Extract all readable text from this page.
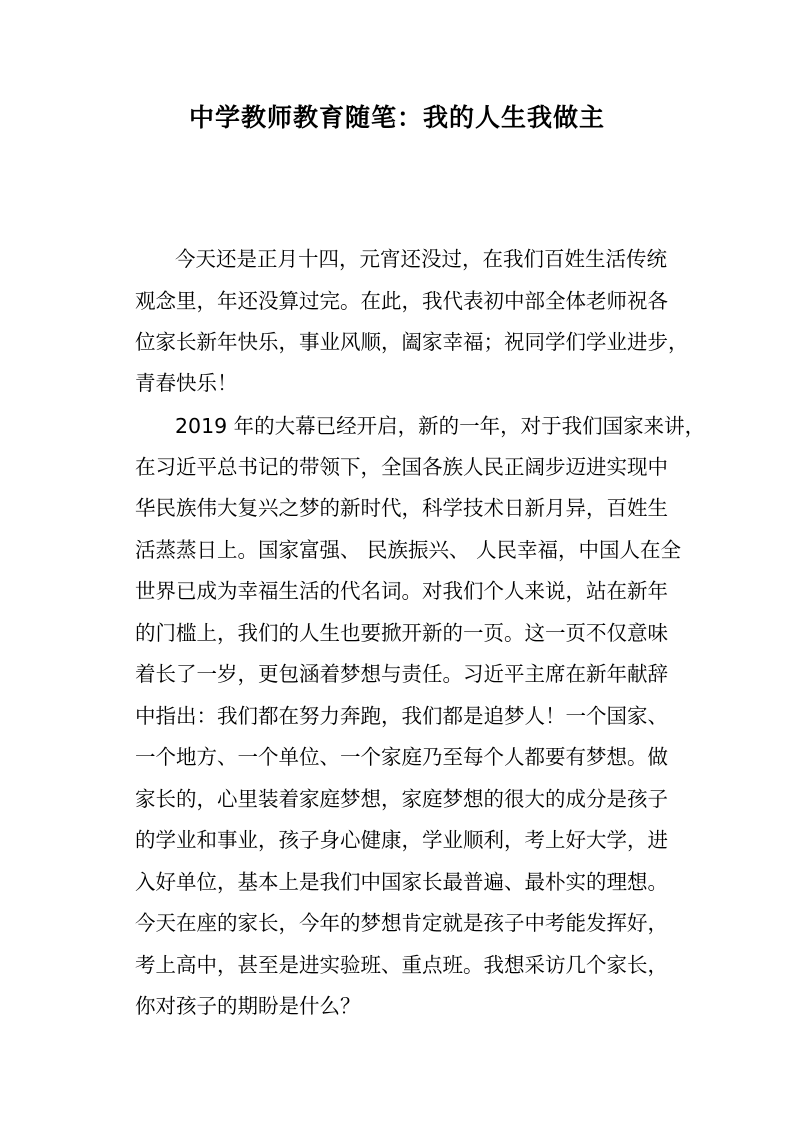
中学教师教育随笔：我的人生我做主
今天还是正月十四，元宵还没过，在我们百姓生活传统
观念里，年还没算过完。在此，我代表初中部全体老师祝各
位家长新年快乐，事业风顺，阖家幸福；祝同学们学业进步，
青春快乐！
2019 年的大幕已经开启，新的一年，对于我们国家来讲，
在习近平总书记的带领下，全国各族人民正阔步迈进实现中
华民族伟大复兴之梦的新时代，科学技术日新月异，百姓生
活蒸蒸日上。国家富强、 民族振兴、 人民幸福，中国人在全
世界已成为幸福生活的代名词。对我们个人来说，站在新年
的门槛上，我们的人生也要掀开新的一页。这一页不仅意味
着长了一岁，更包涵着梦想与责任。习近平主席在新年献辞
中指出：我们都在努力奔跑，我们都是追梦人！一个国家、
一个地方、一个单位、一个家庭乃至每个人都要有梦想。做
家长的，心里装着家庭梦想，家庭梦想的很大的成分是孩子
的学业和事业，孩子身心健康，学业顺利，考上好大学，进
入好单位，基本上是我们中国家长最普遍、最朴实的理想。
今天在座的家长，今年的梦想肯定就是孩子中考能发挥好，
考上高中，甚至是进实验班、重点班。我想采访几个家长，
你对孩子的期盼是什么？
